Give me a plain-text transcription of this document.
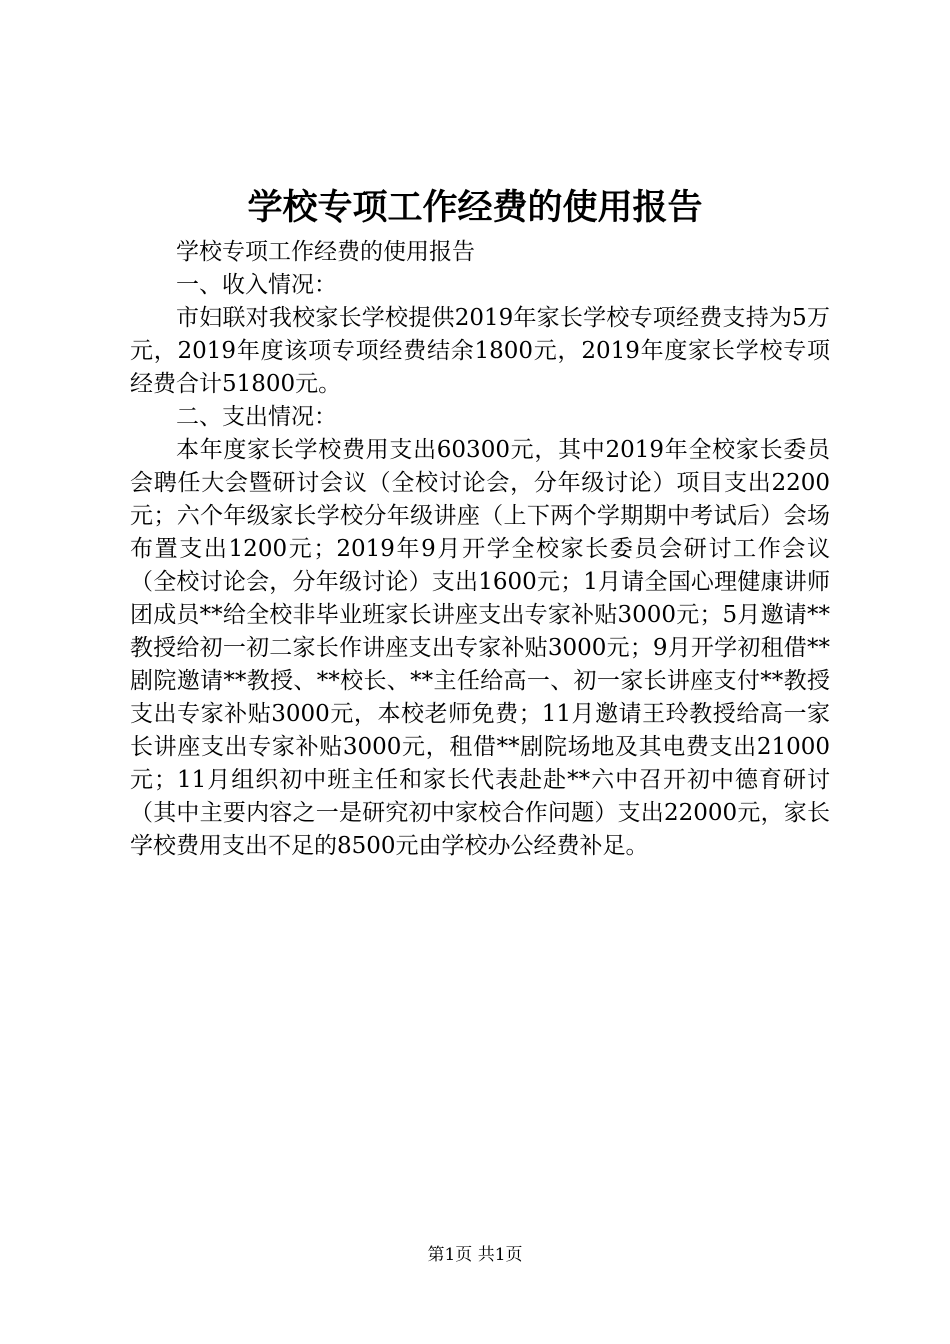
学校专项工作经费的使用报告

学校专项工作经费的使用报告

一、收入情况：

市妇联对我校家长学校提供2019年家长学校专项经费支持为5万元，2019年度该项专项经费结余1800元，2019年度家长学校专项经费合计51800元。

二、支出情况：

本年度家长学校费用支出60300元，其中2019年全校家长委员会聘任大会暨研讨会议（全校讨论会，分年级讨论）项目支出2200元；六个年级家长学校分年级讲座（上下两个学期期中考试后）会场布置支出1200元；2019年9月开学全校家长委员会研讨工作会议（全校讨论会，分年级讨论）支出1600元；1月请全国心理健康讲师团成员**给全校非毕业班家长讲座支出专家补贴3000元；5月邀请**教授给初一初二家长作讲座支出专家补贴3000元；9月开学初租借**剧院邀请**教授、**校长、**主任给高一、初一家长讲座支付**教授支出专家补贴3000元，本校老师免费；11月邀请王玲教授给高一家长讲座支出专家补贴3000元，租借**剧院场地及其电费支出21000元；11月组织初中班主任和家长代表赴赴**六中召开初中德育研讨（其中主要内容之一是研究初中家校合作问题）支出22000元，家长学校费用支出不足的8500元由学校办公经费补足。

第1页 共1页
